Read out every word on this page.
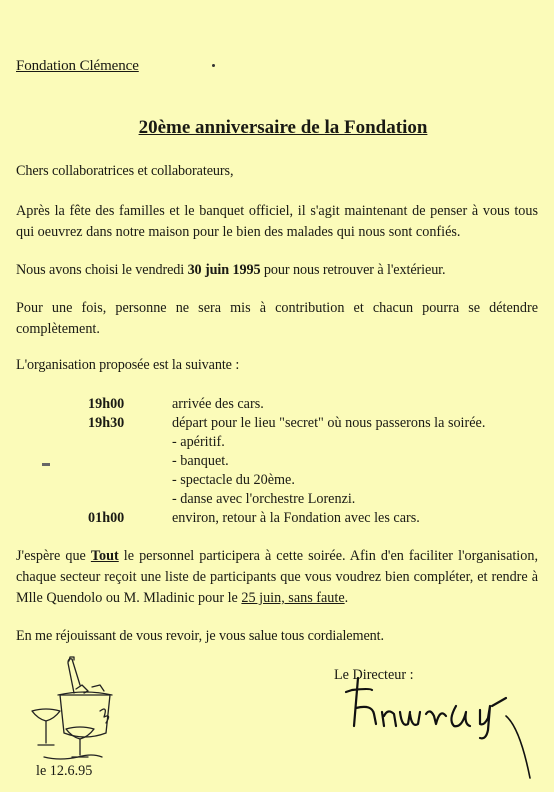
Fondation Clémence
20ème anniversaire de la Fondation
Chers collaboratrices et collaborateurs,
Après la fête des familles et le banquet officiel, il s'agit maintenant de penser à vous tous qui oeuvrez dans notre maison pour le bien des malades qui nous sont confiés.
Nous avons choisi le vendredi 30 juin 1995 pour nous retrouver à l'extérieur.
Pour une fois, personne ne sera mis à contribution et chacun pourra se détendre complètement.
L'organisation proposée est la suivante :
19h00	arrivée des cars.
19h30	départ pour le lieu "secret" où nous passerons la soirée.
- apéritif.
- banquet.
- spectacle du 20ème.
- danse avec l'orchestre Lorenzi.
01h00	environ, retour à la Fondation avec les cars.
J'espère que Tout le personnel participera à cette soirée. Afin d'en faciliter l'organisation, chaque secteur reçoit une liste de participants que vous voudrez bien compléter, et rendre à Mlle Quendolo ou M. Mladinic pour le 25 juin, sans faute.
En me réjouissant de vous revoir, je vous salue tous cordialement.
le 12.6.95
Le Directeur :
